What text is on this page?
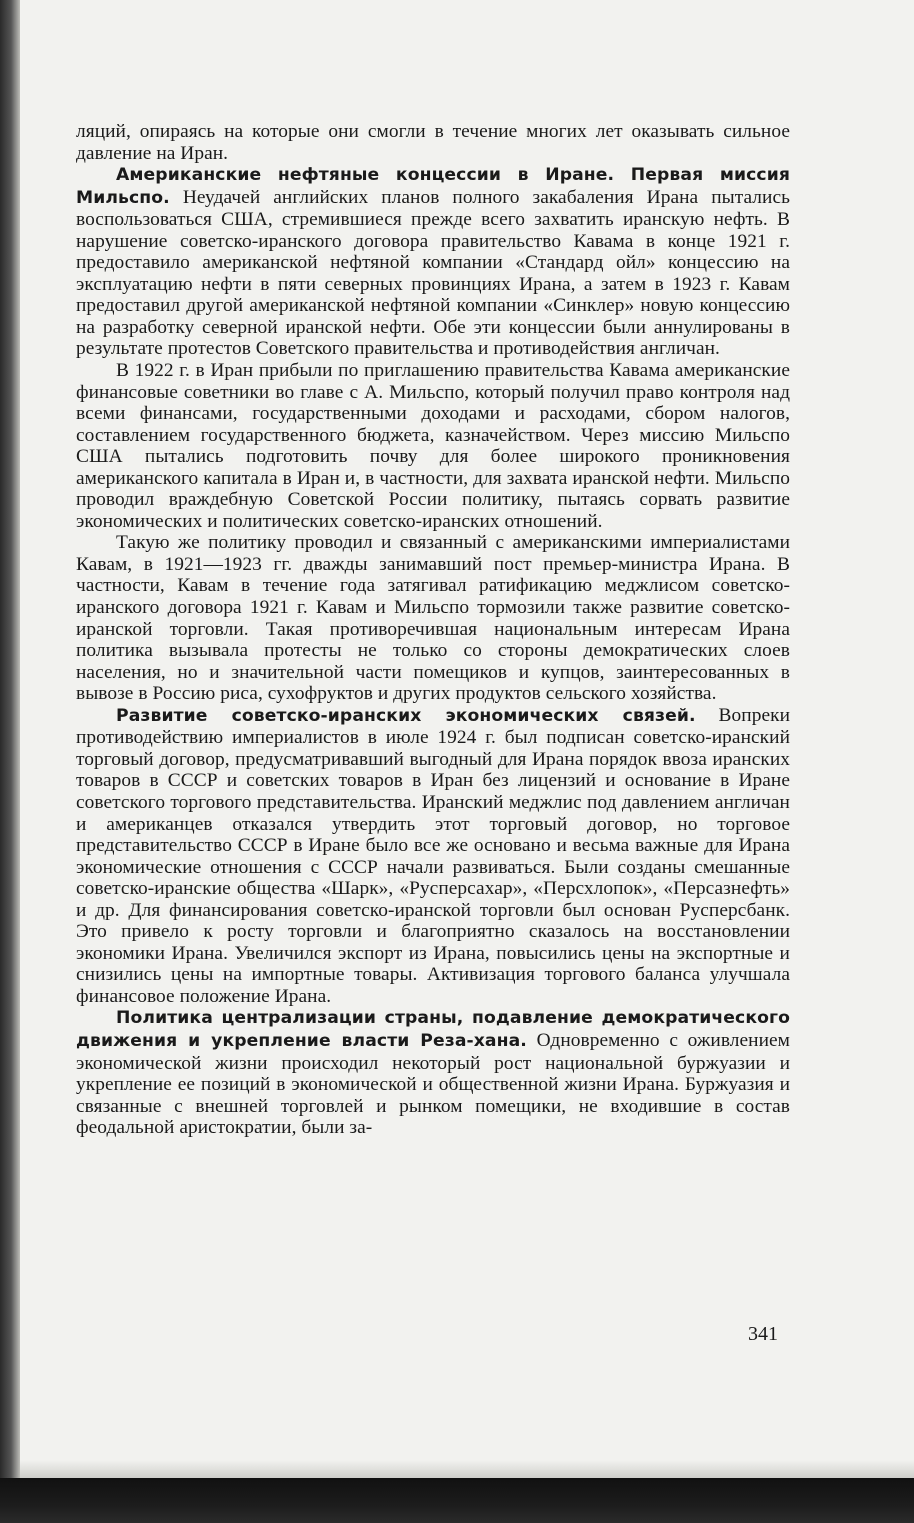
ляций, опираясь на которые они смогли в течение многих лет оказывать сильное давление на Иран.

Американские нефтяные концессии в Иране. Первая миссия Мильспо. Неудачей английских планов полного закабаления Ирана пытались воспользоваться США, стремившиеся прежде всего захватить иранскую нефть. В нарушение советско-иранского договора правительство Кавама в конце 1921 г. предоставило американской нефтяной компании «Стандард ойл» концессию на эксплуатацию нефти в пяти северных провинциях Ирана, а затем в 1923 г. Кавам предоставил другой американской нефтяной компании «Синклер» новую концессию на разработку северной иранской нефти. Обе эти концессии были аннулированы в результате протестов Советского правительства и противодействия англичан.

В 1922 г. в Иран прибыли по приглашению правительства Кавама американские финансовые советники во главе с А. Мильспо, который получил право контроля над всеми финансами, государственными доходами и расходами, сбором налогов, составлением государственного бюджета, казначейством. Через миссию Мильспо США пытались подготовить почву для более широкого проникновения американского капитала в Иран и, в частности, для захвата иранской нефти. Мильспо проводил враждебную Советской России политику, пытаясь сорвать развитие экономических и политических советско-иранских отношений.

Такую же политику проводил и связанный с американскими империалистами Кавам, в 1921—1923 гг. дважды занимавший пост премьер-министра Ирана. В частности, Кавам в течение года затягивал ратификацию меджлисом советско-иранского договора 1921 г. Кавам и Мильспо тормозили также развитие советско-иранской торговли. Такая противоречившая национальным интересам Ирана политика вызывала протесты не только со стороны демократических слоев населения, но и значительной части помещиков и купцов, заинтересованных в вывозе в Россию риса, сухофруктов и других продуктов сельского хозяйства.

Развитие советско-иранских экономических связей. Вопреки противодействию империалистов в июле 1924 г. был подписан советско-иранский торговый договор, предусматривавший выгодный для Ирана порядок ввоза иранских товаров в СССР и советских товаров в Иран без лицензий и основание в Иране советского торгового представительства. Иранский меджлис под давлением англичан и американцев отказался утвердить этот торговый договор, но торговое представительство СССР в Иране было все же основано и весьма важные для Ирана экономические отношения с СССР начали развиваться. Были созданы смешанные советско-иранские общества «Шарк», «Русперсахар», «Персхлопок», «Персазнефть» и др. Для финансирования советско-иранской торговли был основан Русперсбанк. Это привело к росту торговли и благоприятно сказалось на восстановлении экономики Ирана. Увеличился экспорт из Ирана, повысились цены на экспортные и снизились цены на импортные товары. Активизация торгового баланса улучшала финансовое положение Ирана.

Политика централизации страны, подавление демократического движения и укрепление власти Реза-хана. Одновременно с оживлением экономической жизни происходил некоторый рост национальной буржуазии и укрепление ее позиций в экономической и общественной жизни Ирана. Буржуазия и связанные с внешней торговлей и рынком помещики, не входившие в состав феодальной аристократии, были за-

341
